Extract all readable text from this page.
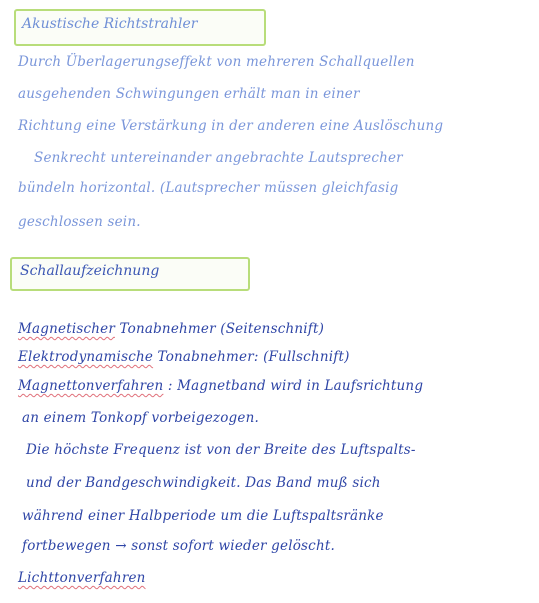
Akustische Richtstrahler
Durch Überlagerungseffekt von mehreren Schallquellen
ausgehenden Schwingungen erhält man in einer
Richtung eine Verstärkung in der anderen eine Auslöschung
Senkrecht untereinander angebrachte Lautsprecher
bündeln horizontal. (Lautsprecher müssen gleichfasig
geschlossen sein.
Schallaufzeichnung
Magnetischer Tonabnehmer (Seitenschnift)
Elektrodynamische Tonabnehmer: (Fullschnift)
Magnettonverfahren : Magnetband wird in Laufsrichtung
an einem Tonkopf vorbeigezogen.
Die höchste Frequenz ist von der Breite des Luftspalts-
und der Bandgeschwindigkeit. Das Band muß sich
während einer Halbperiode um die Luftspaltsränke
fortbewegen → sonst sofort wieder gelöscht.
Lichttonverfahren
